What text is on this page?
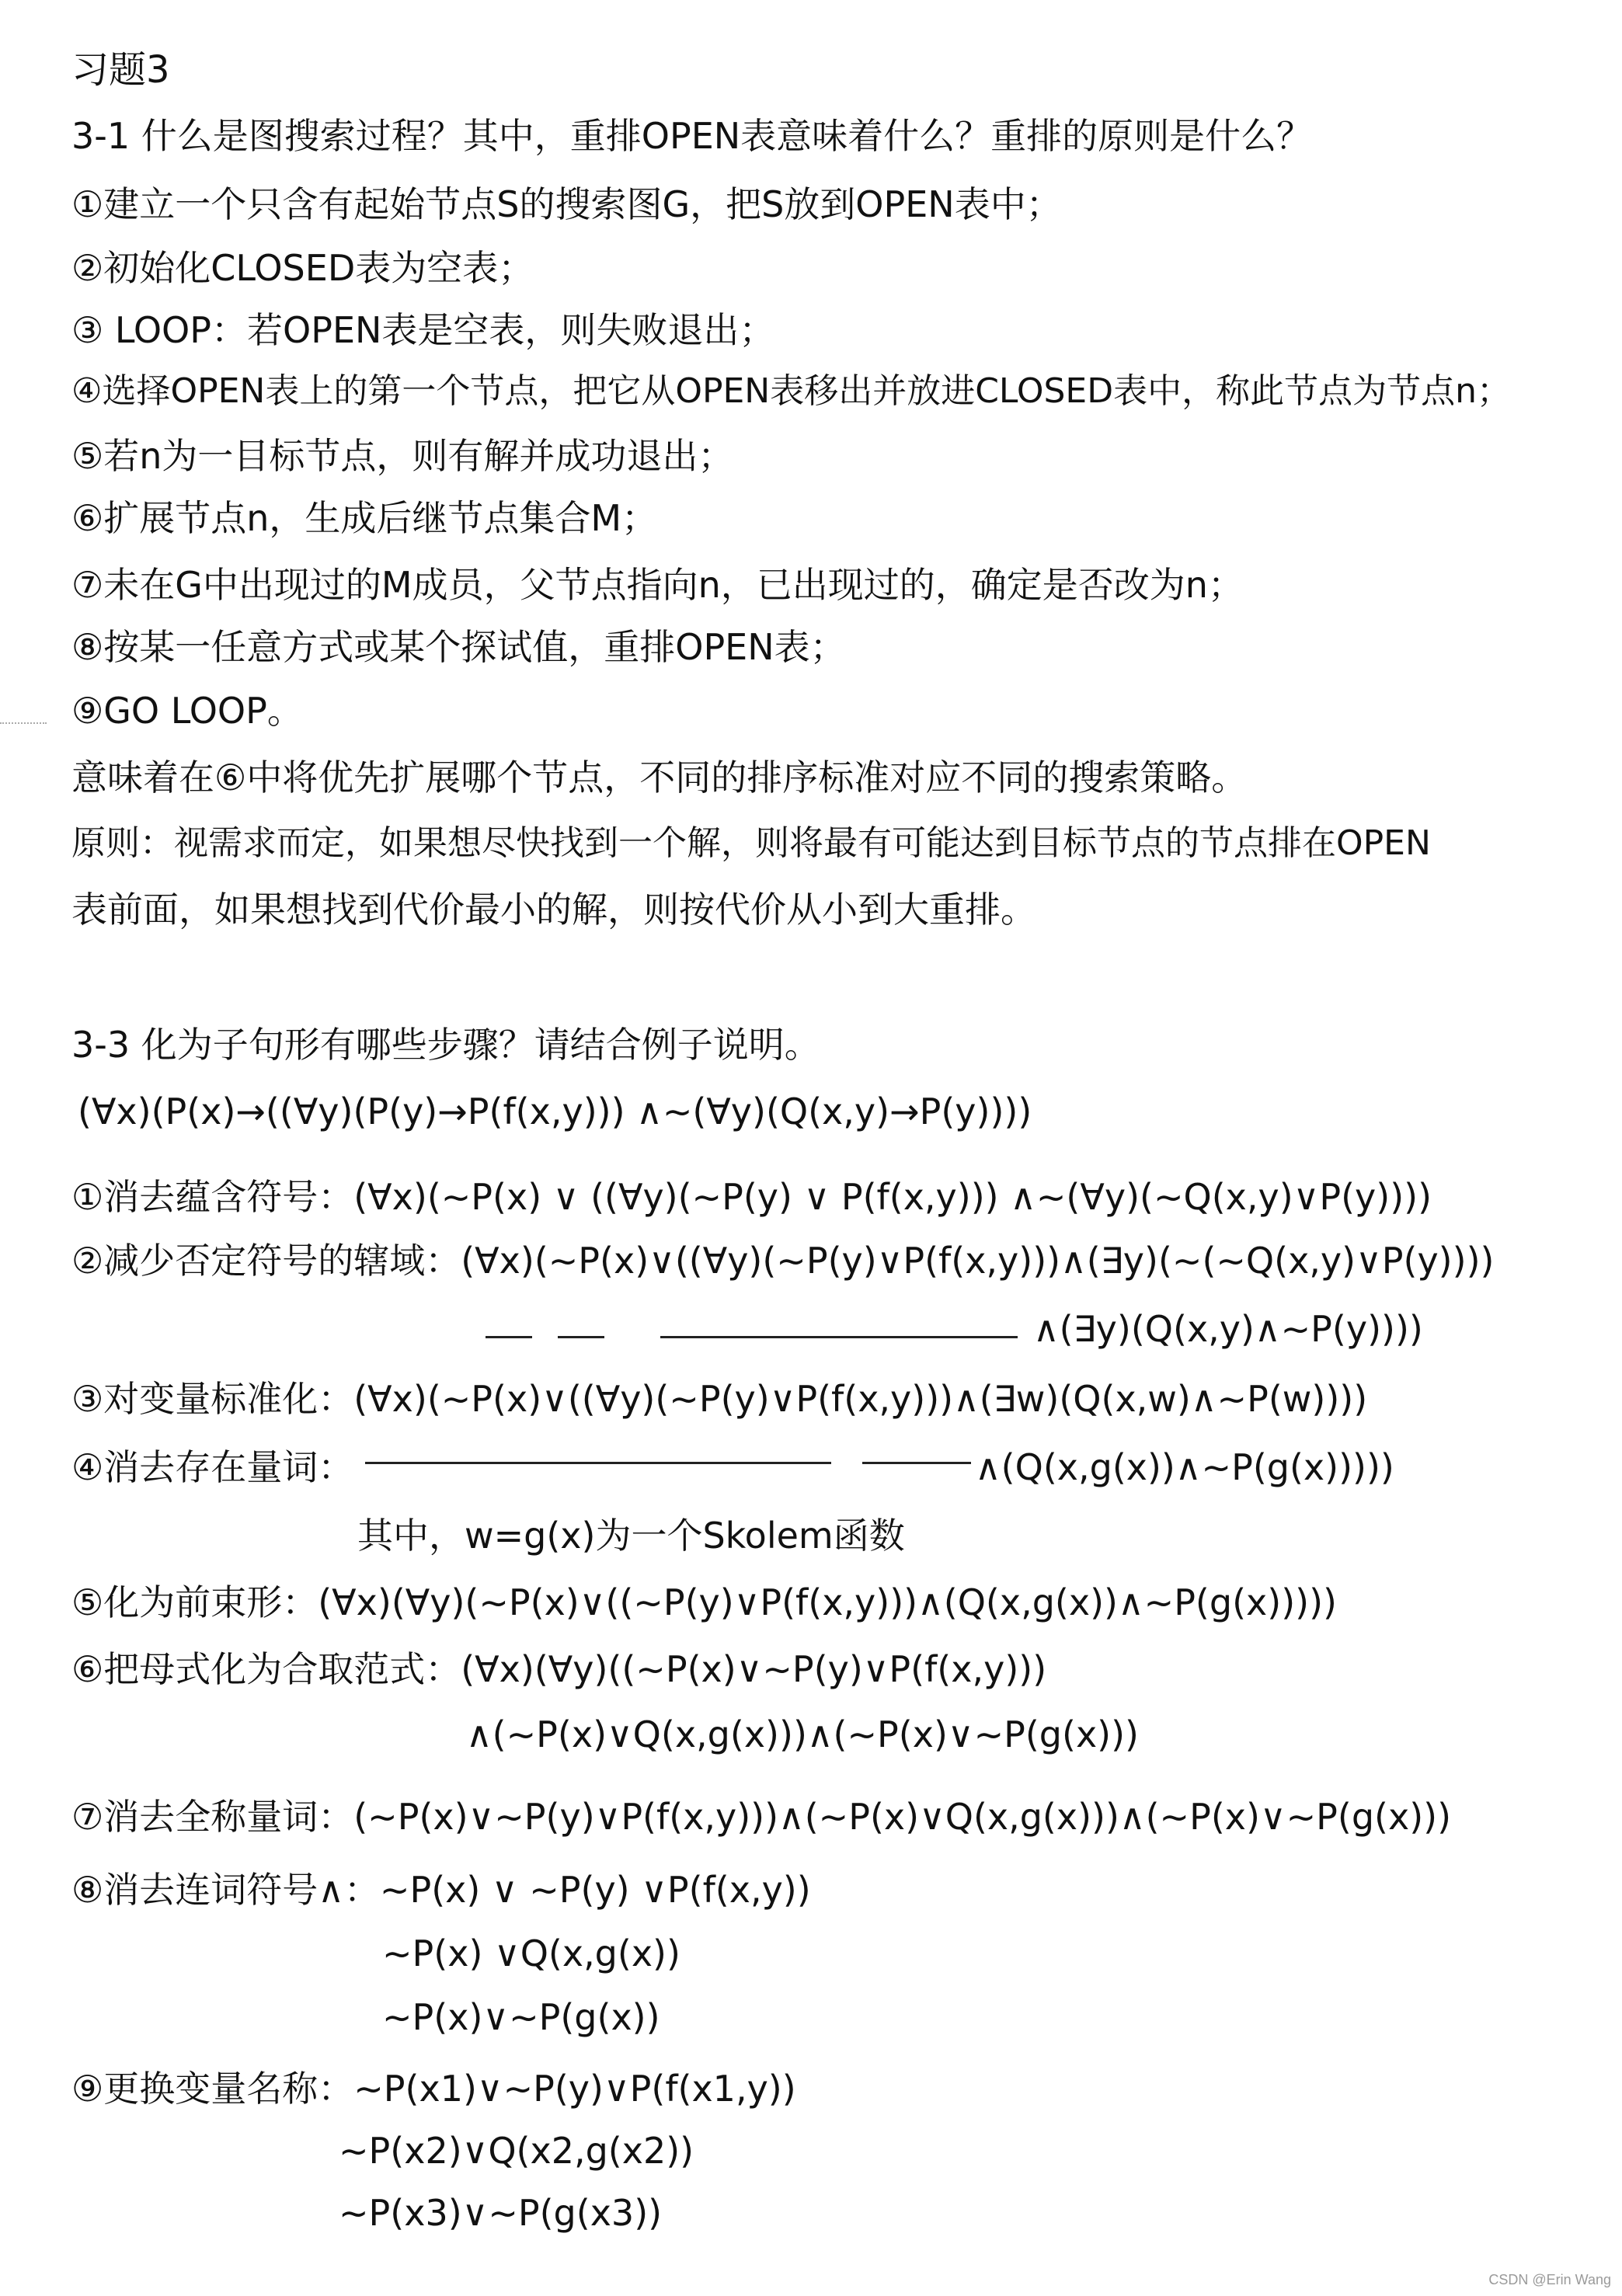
习题3
3-1 什么是图搜索过程？其中，重排OPEN表意味着什么？重排的原则是什么？
①建立一个只含有起始节点S的搜索图G，把S放到OPEN表中；
②初始化CLOSED表为空表；
③ LOOP：若OPEN表是空表，则失败退出；
④选择OPEN表上的第一个节点，把它从OPEN表移出并放进CLOSED表中，称此节点为节点n；
⑤若n为一目标节点，则有解并成功退出；
⑥扩展节点n，生成后继节点集合M；
⑦未在G中出现过的M成员，父节点指向n，已出现过的，确定是否改为n；
⑧按某一任意方式或某个探试值，重排OPEN表；
⑨GO LOOP。
意味着在⑥中将优先扩展哪个节点，不同的排序标准对应不同的搜索策略。
原则：视需求而定，如果想尽快找到一个解，则将最有可能达到目标节点的节点排在OPEN
表前面，如果想找到代价最小的解，则按代价从小到大重排。
3-3 化为子句形有哪些步骤？请结合例子说明。
(∀x)(P(x)→((∀y)(P(y)→P(f(x,y))) ∧~(∀y)(Q(x,y)→P(y))))
①消去蕴含符号：(∀x)(~P(x) ∨ ((∀y)(~P(y) ∨ P(f(x,y))) ∧~(∀y)(~Q(x,y)∨P(y))))
②减少否定符号的辖域：(∀x)(~P(x)∨((∀y)(~P(y)∨P(f(x,y)))∧(∃y)(~(~Q(x,y)∨P(y))))
∧(∃y)(Q(x,y)∧~P(y))))
③对变量标准化：(∀x)(~P(x)∨((∀y)(~P(y)∨P(f(x,y)))∧(∃w)(Q(x,w)∧~P(w))))
④消去存在量词：	∧(Q(x,g(x))∧~P(g(x)))))
其中，w=g(x)为一个Skolem函数
⑤化为前束形：(∀x)(∀y)(~P(x)∨((~P(y)∨P(f(x,y)))∧(Q(x,g(x))∧~P(g(x)))))
⑥把母式化为合取范式：(∀x)(∀y)((~P(x)∨~P(y)∨P(f(x,y)))
∧(~P(x)∨Q(x,g(x)))∧(~P(x)∨~P(g(x)))
⑦消去全称量词：(~P(x)∨~P(y)∨P(f(x,y)))∧(~P(x)∨Q(x,g(x)))∧(~P(x)∨~P(g(x)))
⑧消去连词符号∧：~P(x) ∨ ~P(y) ∨P(f(x,y))
~P(x) ∨Q(x,g(x))
~P(x)∨~P(g(x))
⑨更换变量名称：~P(x1)∨~P(y)∨P(f(x1,y))
~P(x2)∨Q(x2,g(x2))
~P(x3)∨~P(g(x3))
CSDN @Erin Wang
